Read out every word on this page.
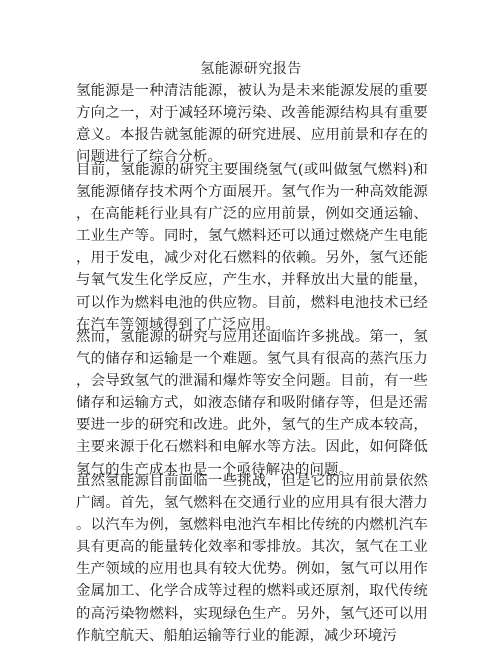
氢能源研究报告

氢能源是一种清洁能源，被认为是未来能源发展的重要方向之一，对于减轻环境污染、改善能源结构具有重要意义。本报告就氢能源的研究进展、应用前景和存在的问题进行了综合分析。

目前，氢能源的研究主要围绕氢气(或叫做氢气燃料)和氢能源储存技术两个方面展开。氢气作为一种高效能源，在高能耗行业具有广泛的应用前景，例如交通运输、工业生产等。同时，氢气燃料还可以通过燃烧产生电能，用于发电，减少对化石燃料的依赖。另外，氢气还能与氧气发生化学反应，产生水，并释放出大量的能量，可以作为燃料电池的供应物。目前，燃料电池技术已经在汽车等领域得到了广泛应用。

然而，氢能源的研究与应用还面临许多挑战。第一，氢气的储存和运输是一个难题。氢气具有很高的蒸汽压力，会导致氢气的泄漏和爆炸等安全问题。目前，有一些储存和运输方式，如液态储存和吸附储存等，但是还需要进一步的研究和改进。此外，氢气的生产成本较高，主要来源于化石燃料和电解水等方法。因此，如何降低氢气的生产成本也是一个亟待解决的问题。

虽然氢能源目前面临一些挑战，但是它的应用前景依然广阔。首先，氢气燃料在交通行业的应用具有很大潜力。以汽车为例，氢燃料电池汽车相比传统的内燃机汽车具有更高的能量转化效率和零排放。其次，氢气在工业生产领域的应用也具有较大优势。例如，氢气可以用作金属加工、化学合成等过程的燃料或还原剂，取代传统的高污染物燃料，实现绿色生产。另外，氢气还可以用作航空航天、船舶运输等行业的能源，减少环境污
